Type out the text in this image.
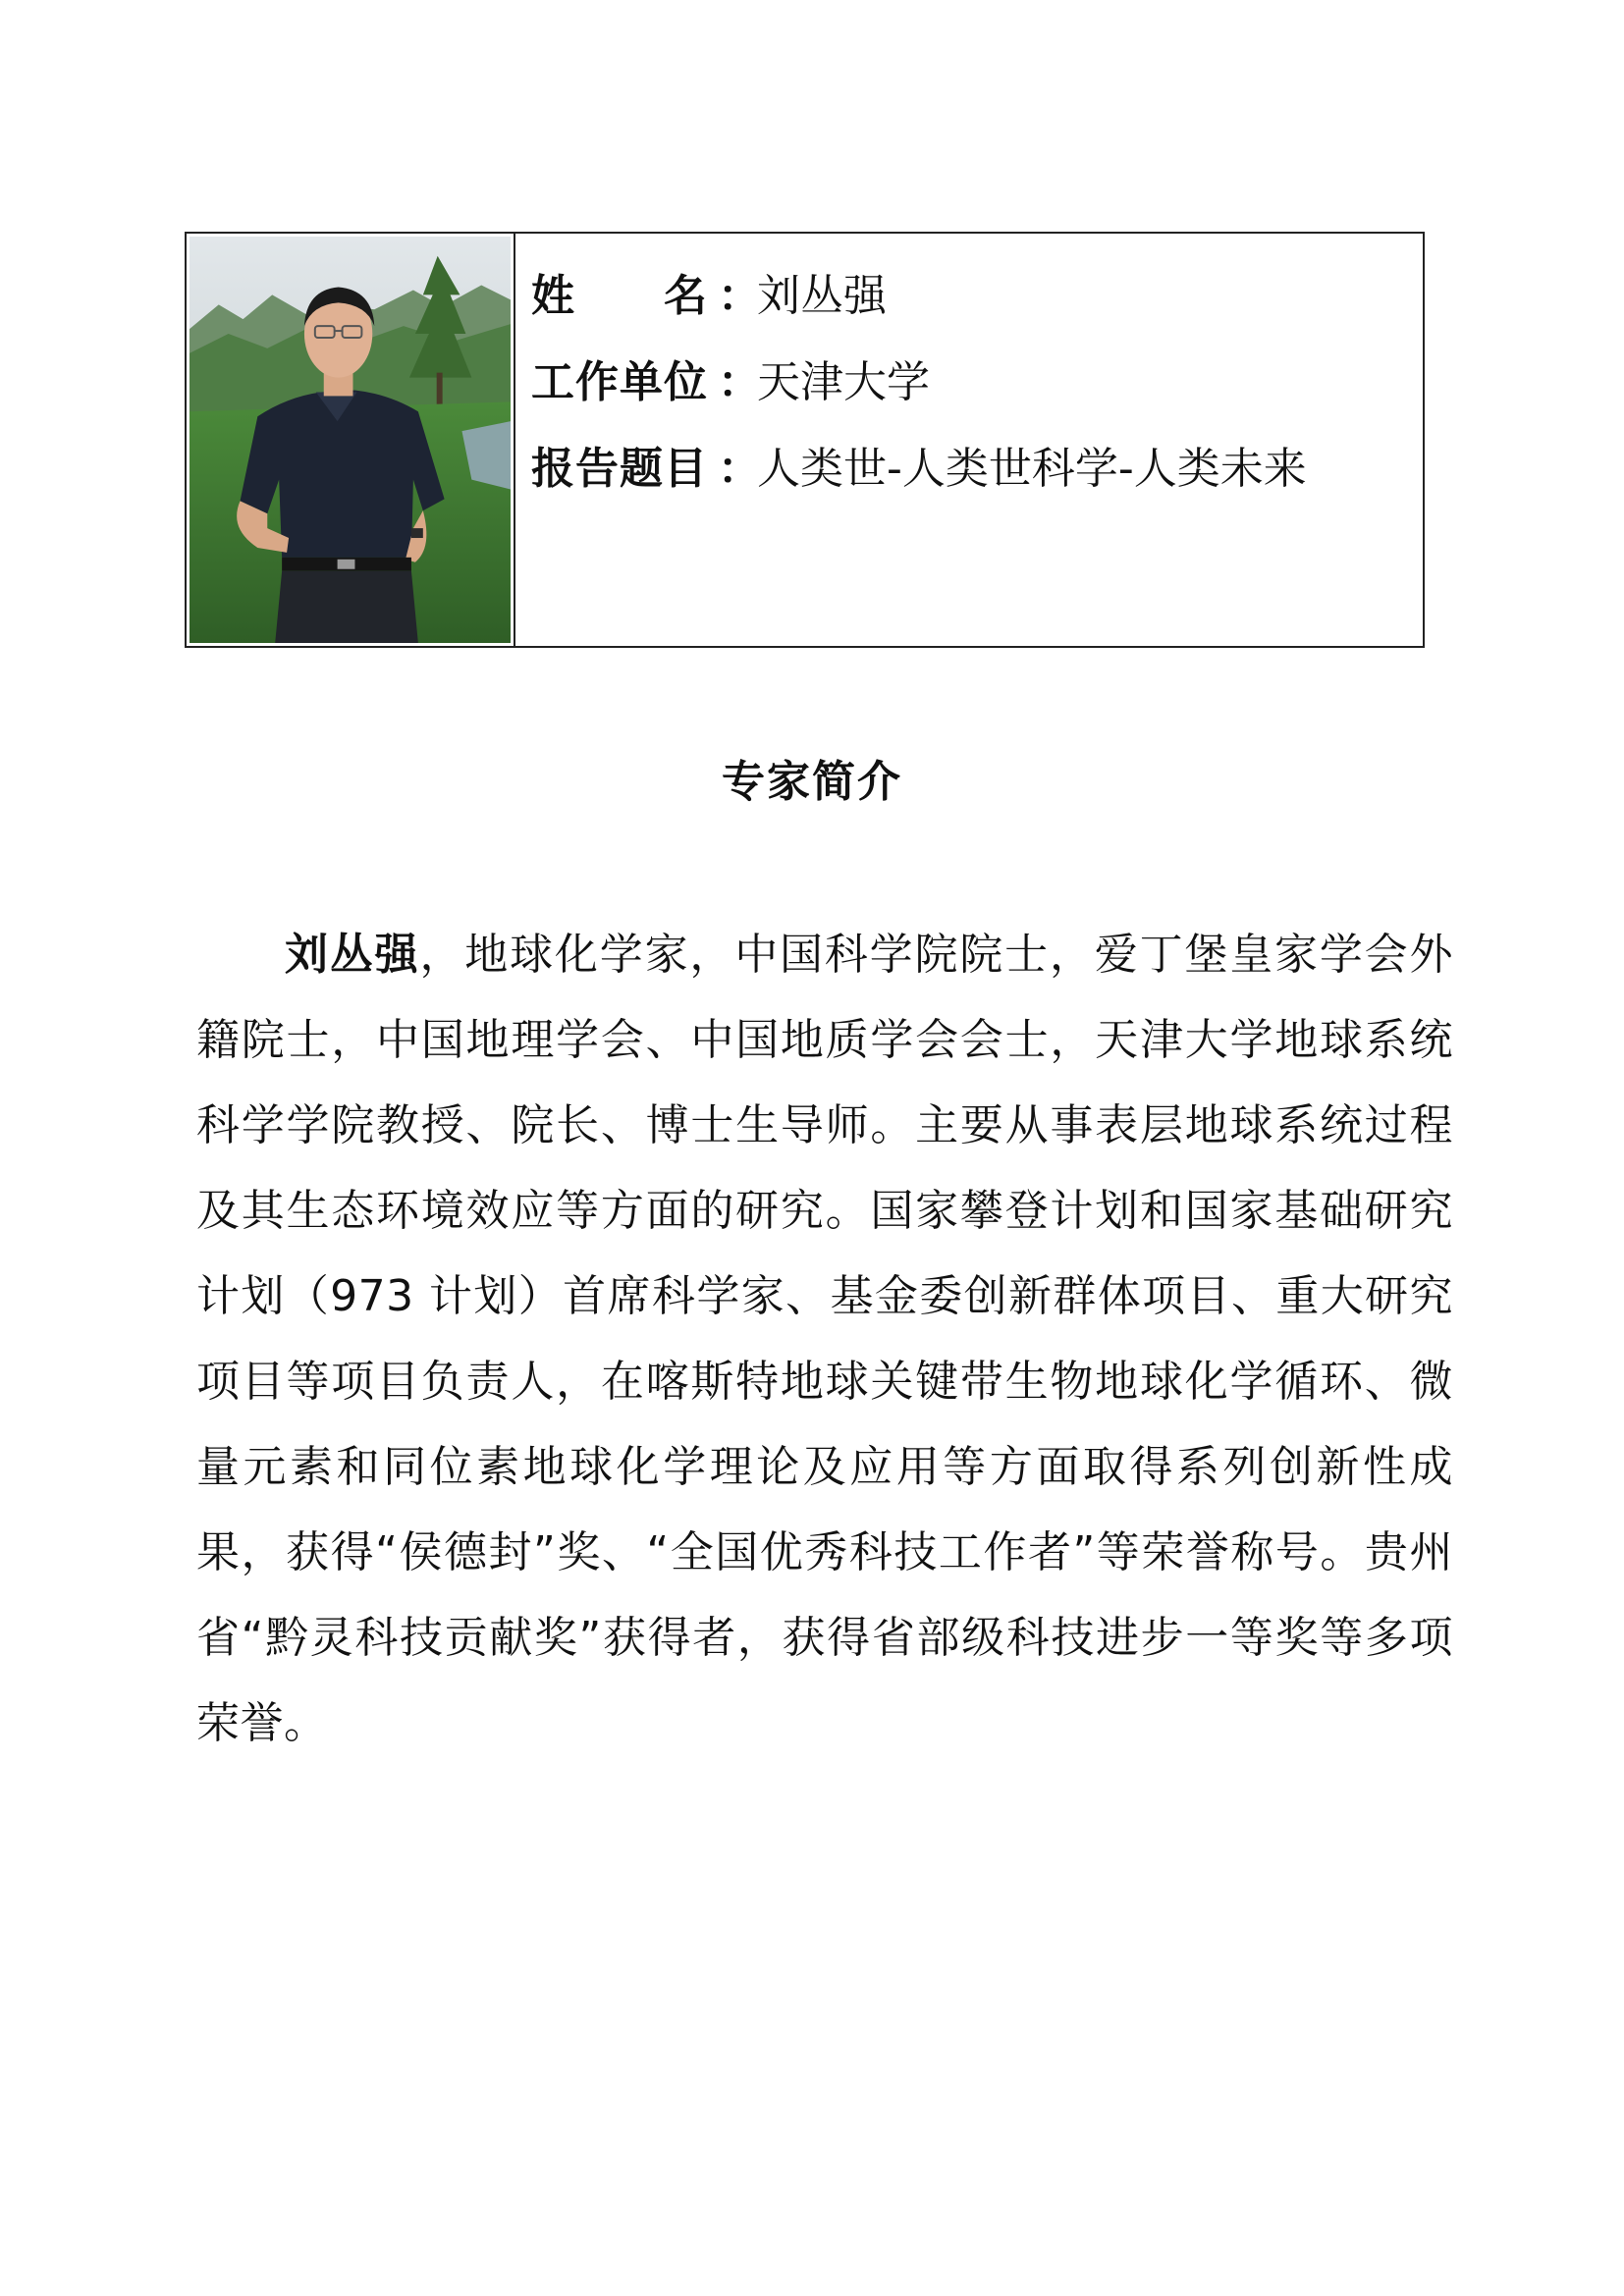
姓　　名 ：
刘丛强
工作单位 ：
天津大学
报告题目 ：
人类世-人类世科学-人类未来
专家简介

刘丛强，地球化学家，中国科学院院士，爱丁堡皇家学会外籍院士，中国地理学会、中国地质学会会士，天津大学地球系统科学学院教授、院长、博士生导师。主要从事表层地球系统过程及其生态环境效应等方面的研究。国家攀登计划和国家基础研究计划（973 计划）首席科学家、基金委创新群体项目、重大研究项目等项目负责人，在喀斯特地球关键带生物地球化学循环、微量元素和同位素地球化学理论及应用等方面取得系列创新性成果，获得“侯德封”奖、“全国优秀科技工作者”等荣誉称号。贵州省“黔灵科技贡献奖”获得者，获得省部级科技进步一等奖等多项荣誉。
